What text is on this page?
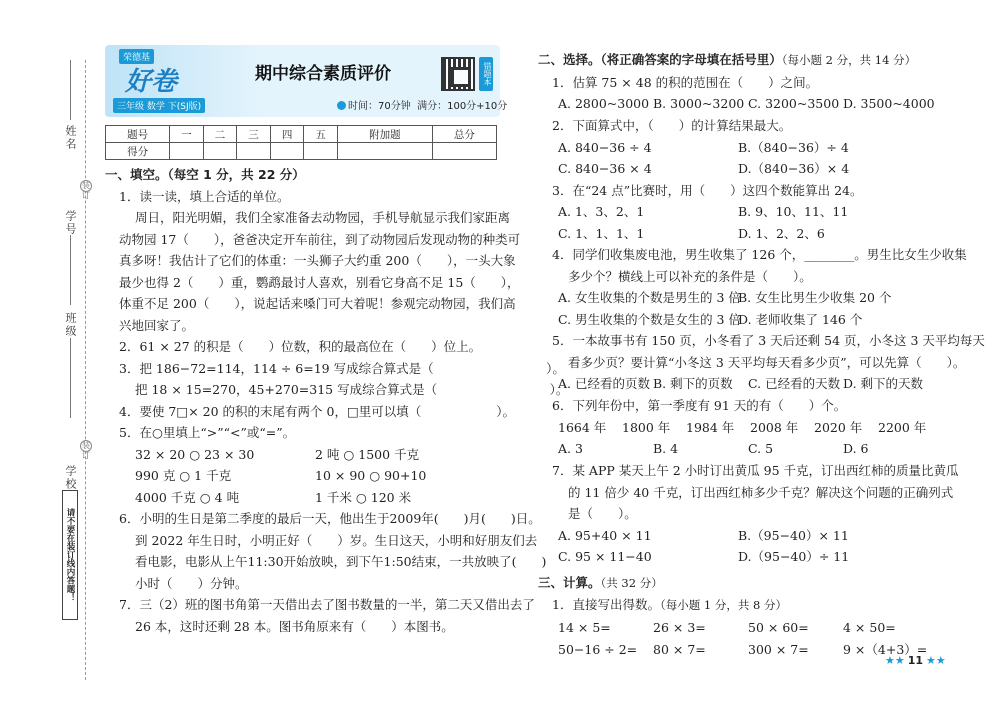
姓名
装订
学号
班级
装订
学校
请不要在装订线内答题！
荣德基
好卷
三年级 数学 下(SJ版)
期中综合素质评价
时间：70分钟 满分：100分+10分
错题本
题号	一	二	三	四	五	附加题	总分
得分							
一、填空。（每空 1 分，共 22 分）
1．读一读，填上合适的单位。
周日，阳光明媚，我们全家准备去动物园，手机导航显示我们家距离
动物园 17（　　），爸爸决定开车前往，到了动物园后发现动物的种类可
真多呀！我估计了它们的体重：一头狮子大约重 200（　　），一头大象
最少也得 2（　　）重，鹦鹉最讨人喜欢，别看它身高不足 15（　　），
体重不足 200（　　），说起话来嗓门可大着呢！参观完动物园，我们高
兴地回家了。
2．61 × 27 的积是（　　）位数，积的最高位在（　　）位上。
3．把 186−72=114，114 ÷ 6=19 写成综合算式是（　　　　　　　　　）。
把 18 × 15=270，45+270=315 写成综合算式是（　　　　　　　　　）。
4．要使 7□× 20 的积的末尾有两个 0，□里可以填（　　　　　　）。
5．在○里填上“>”“<”或“=”。
32 × 20 ○ 23 × 30	2 吨 ○ 1500 千克
990 克 ○ 1 千克	10 × 90 ○ 90+10
4000 千克 ○ 4 吨	1 千米 ○ 120 米
6．小明的生日是第二季度的最后一天，他出生于2009年(　　)月(　　)日。
到 2022 年生日时，小明正好（　　）岁。生日这天，小明和好朋友们去
看电影，电影从上午11:30开始放映，到下午1:50结束，一共放映了(　　)
小时（　　）分钟。
7．三（2）班的图书角第一天借出去了图书数量的一半，第二天又借出去了
26 本，这时还剩 28 本。图书角原来有（　　）本图书。
二、选择。（将正确答案的字母填在括号里）（每小题 2 分，共 14 分）
1．估算 75 × 48 的积的范围在（　　）之间。
A. 2800~3000 B. 3000~3200 C. 3200~3500 D. 3500~4000
2．下面算式中，（　　）的计算结果最大。
A. 840−36 ÷ 4	B.（840−36）÷ 4
C. 840−36 × 4	D.（840−36）× 4
3．在“24 点”比赛时，用（　　）这四个数能算出 24。
A. 1、3、2、1	B. 9、10、11、11
C. 1、1、1、1	D. 1、2、2、6
4．同学们收集废电池，男生收集了 126 个，________。男生比女生少收集
多少个？横线上可以补充的条件是（　　）。
A. 女生收集的个数是男生的 3 倍
B. 女生比男生少收集 20 个
C. 男生收集的个数是女生的 3 倍
D. 老师收集了 146 个
5．一本故事书有 150 页，小冬看了 3 天后还剩 54 页，小冬这 3 天平均每天
看多少页？要计算“小冬这 3 天平均每天看多少页”，可以先算（　　）。
A. 已经看的页数 B. 剩下的页数	C. 已经看的天数 D. 剩下的天数
6．下列年份中，第一季度有 91 天的有（　　）个。
1664 年	1800 年	1984 年	2008 年	2020 年	2200 年
A. 3	B. 4	C. 5	D. 6
7．某 APP 某天上午 2 小时订出黄瓜 95 千克，订出西红柿的质量比黄瓜
的 11 倍少 40 千克，订出西红柿多少千克？解决这个问题的正确列式
是（　　）。
A. 95+40 × 11	B.（95−40）× 11
C. 95 × 11−40	D.（95−40）÷ 11
三、计算。（共 32 分）
1．直接写出得数。（每小题 1 分，共 8 分）
14 × 5=	26 × 3=	50 × 60=	4 × 50=
50−16 ÷ 2=	80 × 7=	300 × 7=	9 ×（4+3）=
★★ 11 ★★
